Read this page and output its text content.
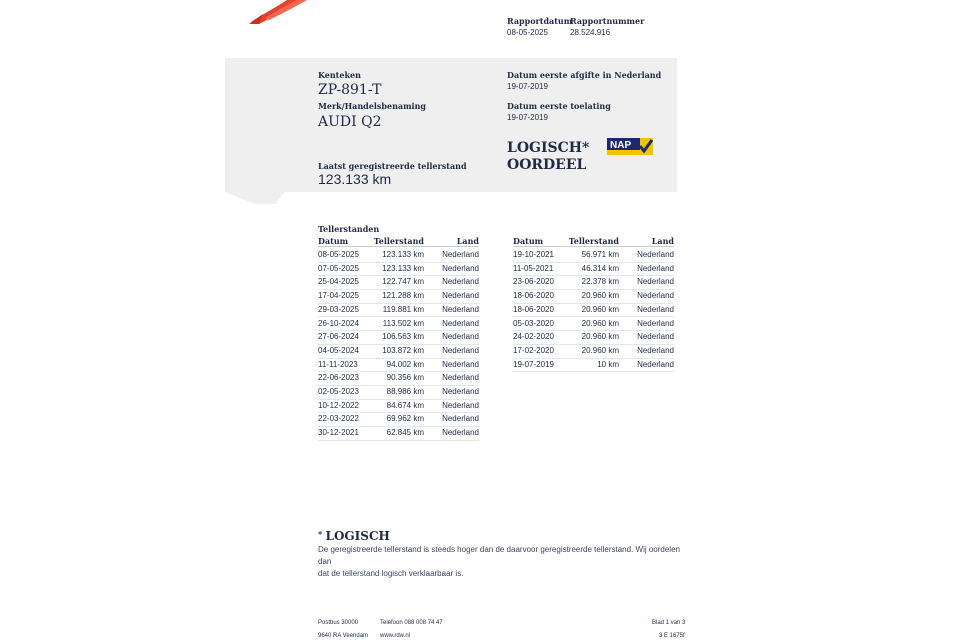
Rapportdatum
08-05-2025
Rapportnummer
28.524.916
Kenteken
ZP-891-T
Merk/Handelsbenaming
AUDI Q2
Laatst geregistreerde tellerstand
123.133 km
Datum eerste afgifte in Nederland
19-07-2019
Datum eerste toelating
19-07-2019
LOGISCH*
OORDEEL
NAP
Tellerstanden
Datum	Tellerstand	Land
08-05-2025	123.133 km Nederland
07-05-2025	123.133 km Nederland
25-04-2025	122.747 km Nederland
17-04-2025	121.288 km Nederland
29-03-2025	119.881 km Nederland
26-10-2024	113.502 km Nederland
27-06-2024	106.563 km Nederland
04-05-2024	103.872 km Nederland
11-11-2023	94.002 km Nederland
22-06-2023	90.356 km Nederland
02-05-2023	88.986 km Nederland
10-12-2022	84.674 km Nederland
22-03-2022	69.962 km Nederland
30-12-2021	62.845 km Nederland
Datum	Tellerstand	Land
19-10-2021	56.971 km Nederland
11-05-2021	46.314 km Nederland
23-06-2020	22.378 km Nederland
18-06-2020	20.960 km Nederland
18-06-2020	20.960 km Nederland
05-03-2020	20.960 km Nederland
24-02-2020	20.960 km Nederland
17-02-2020	20.960 km Nederland
19-07-2019	10 km Nederland
* LOGISCH
De geregistreerde tellerstand is steeds hoger dan de daarvoor geregistreerde tellerstand. Wij oordelen dan
dat de tellerstand logisch verklaarbaar is.
Postbus 30000
9640 RA Veendam
Telefoon 088 008 74 47
www.rdw.nl
Blad 1 van 3
3 E 1675f
